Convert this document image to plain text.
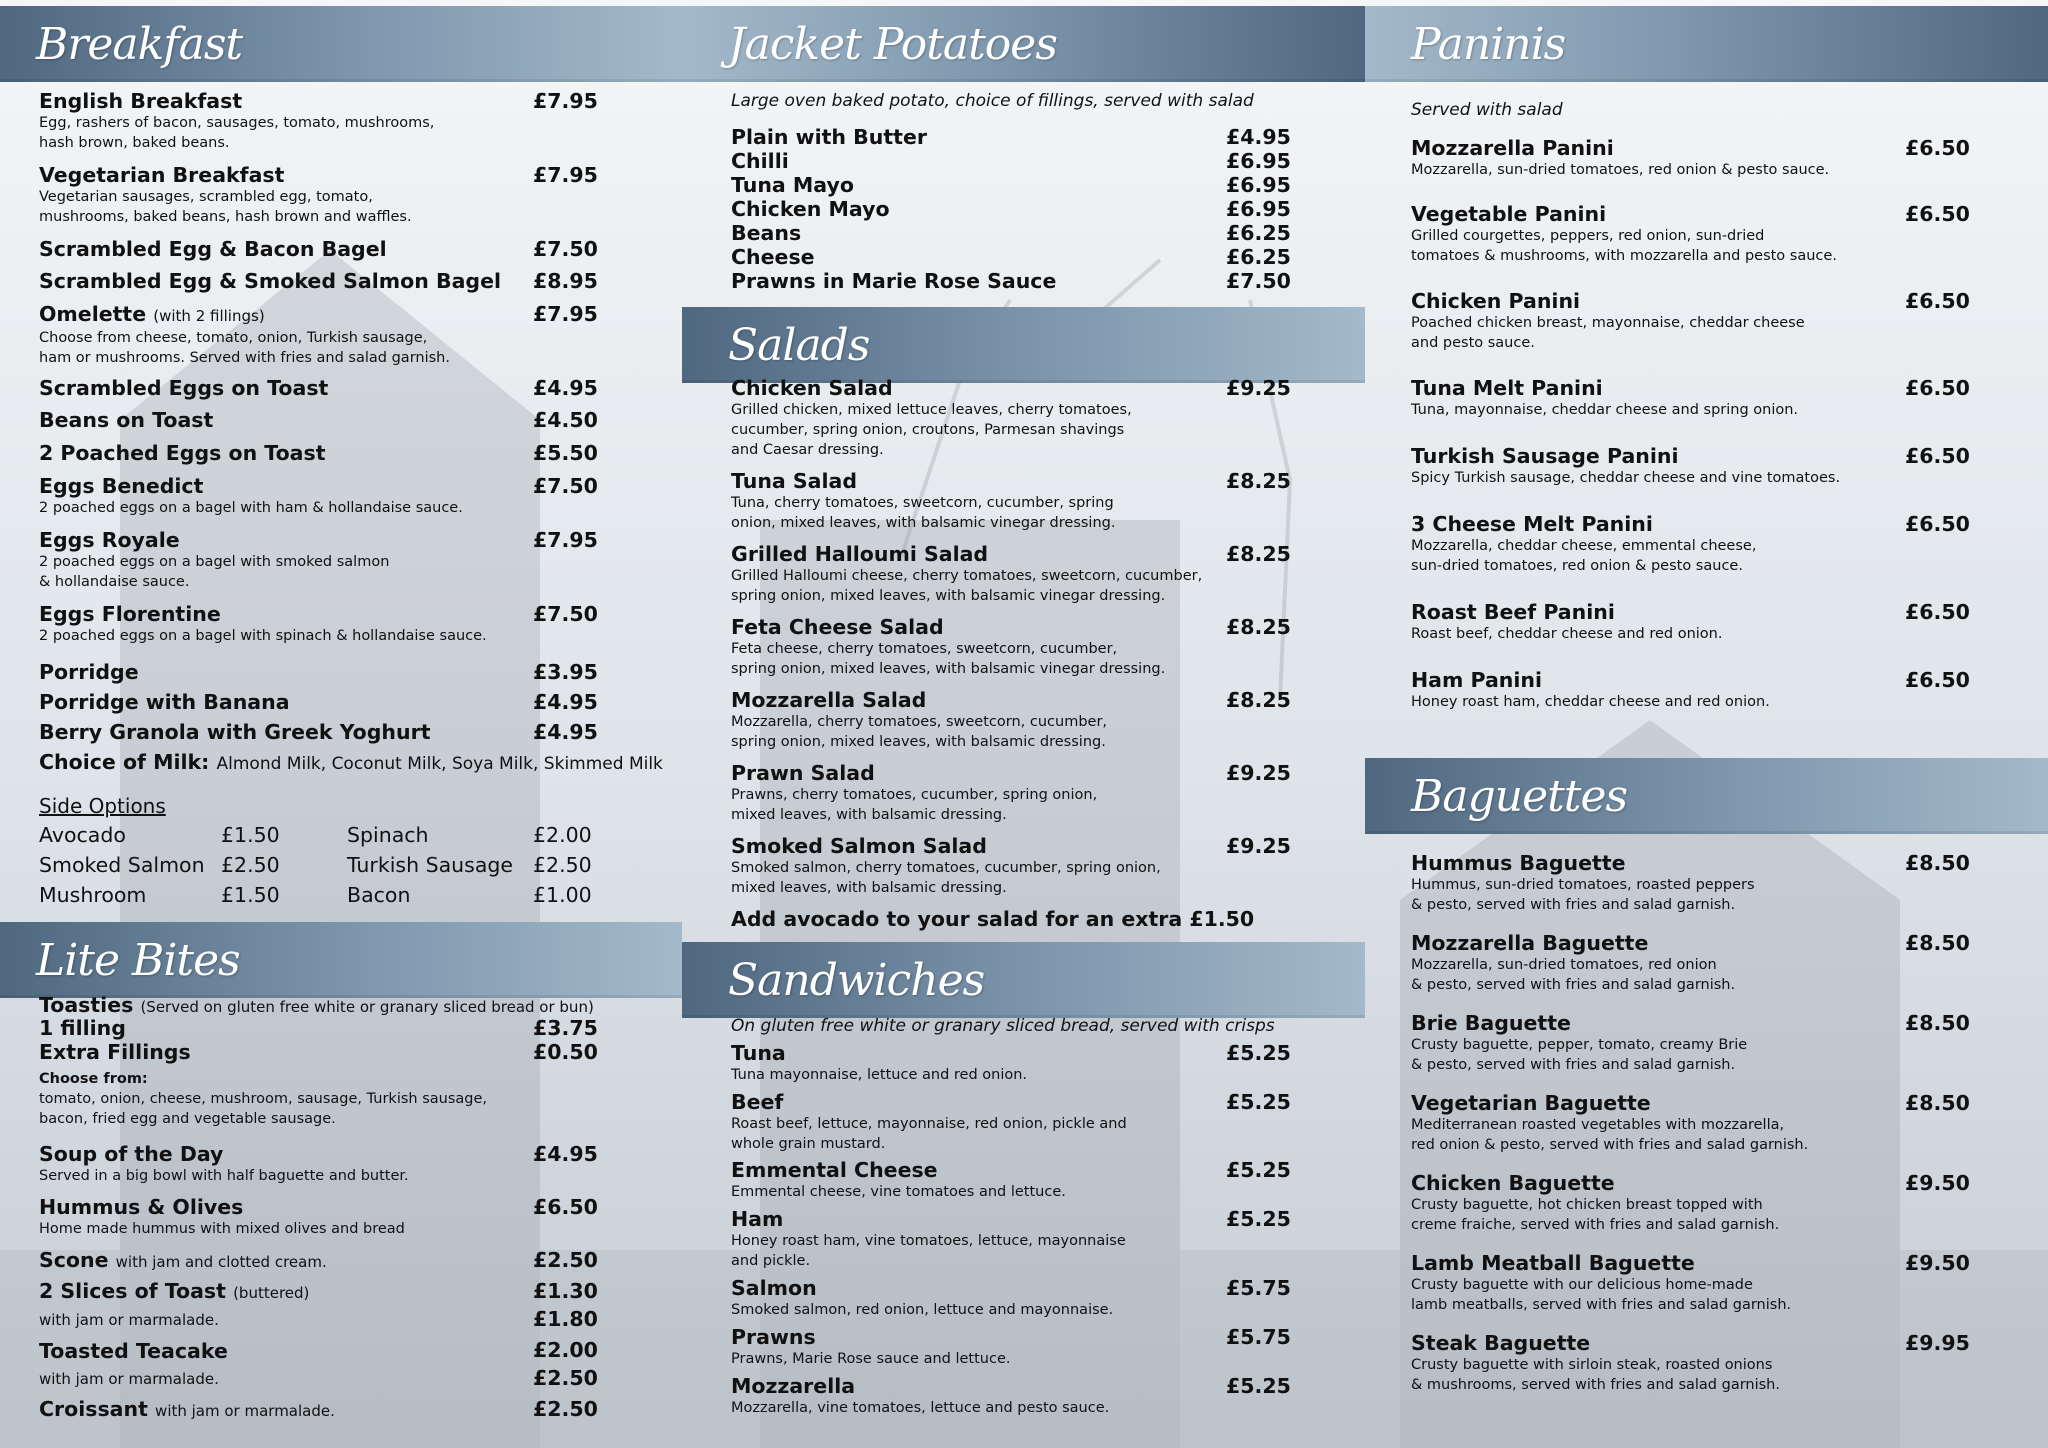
Breakfast
English Breakfast
Egg, rashers of bacon, sausages, tomato, mushrooms,
hash brown, baked beans.
£7.95
Vegetarian Breakfast
Vegetarian sausages, scrambled egg, tomato,
mushrooms, baked beans, hash brown and waffles.
£7.95
Scrambled Egg & Bacon Bagel	£7.50
Scrambled Egg & Smoked Salmon Bagel £8.95
Omelette (with 2 fillings)
Choose from cheese, tomato, onion, Turkish sausage,
ham or mushrooms. Served with fries and salad garnish.
£7.95
Scrambled Eggs on Toast	£4.95
Beans on Toast	£4.50
2 Poached Eggs on Toast	£5.50
Eggs Benedict
2 poached eggs on a bagel with ham & hollandaise sauce.
£7.50
Eggs Royale
2 poached eggs on a bagel with smoked salmon
& hollandaise sauce.
£7.95
Eggs Florentine
2 poached eggs on a bagel with spinach & hollandaise sauce.
£7.50
Porridge	£3.95
Porridge with Banana	£4.95
Berry Granola with Greek Yoghurt	£4.95
Choice of Milk: Almond Milk, Coconut Milk, Soya Milk, Skimmed Milk
Side Options
Avocado	£1.50	Spinach	£2.00
Smoked Salmon £2.50	Turkish Sausage £2.50
Mushroom	£1.50	Bacon	£1.00
Lite Bites
Toasties (Served on gluten free white or granary sliced bread or bun)
1 filling	£3.75
Extra Fillings	£0.50
Choose from:
tomato, onion, cheese, mushroom, sausage, Turkish sausage,
bacon, fried egg and vegetable sausage.
Soup of the Day	£4.95
Served in a big bowl with half baguette and butter.
Hummus & Olives	£6.50
Home made hummus with mixed olives and bread
Scone with jam and clotted cream.	£2.50
2 Slices of Toast (buttered)	£1.30
with jam or marmalade.	£1.80
Toasted Teacake	£2.00
with jam or marmalade.	£2.50
Croissant with jam or marmalade.	£2.50
Jacket Potatoes
Large oven baked potato, choice of fillings, served with salad
Plain with Butter	£4.95
Chilli	£6.95
Tuna Mayo	£6.95
Chicken Mayo	£6.95
Beans	£6.25
Cheese	£6.25
Prawns in Marie Rose Sauce	£7.50
Salads
Chicken Salad
Grilled chicken, mixed lettuce leaves, cherry tomatoes,
cucumber, spring onion, croutons, Parmesan shavings
and Caesar dressing.
£9.25
Tuna Salad
Tuna, cherry tomatoes, sweetcorn, cucumber, spring
onion, mixed leaves, with balsamic vinegar dressing.
£8.25
Grilled Halloumi Salad
Grilled Halloumi cheese, cherry tomatoes, sweetcorn, cucumber,
spring onion, mixed leaves, with balsamic vinegar dressing.
£8.25
Feta Cheese Salad
Feta cheese, cherry tomatoes, sweetcorn, cucumber,
spring onion, mixed leaves, with balsamic vinegar dressing.
£8.25
Mozzarella Salad
Mozzarella, cherry tomatoes, sweetcorn, cucumber,
spring onion, mixed leaves, with balsamic dressing.
£8.25
Prawn Salad
Prawns, cherry tomatoes, cucumber, spring onion,
mixed leaves, with balsamic dressing.
£9.25
Smoked Salmon Salad
Smoked salmon, cherry tomatoes, cucumber, spring onion,
mixed leaves, with balsamic dressing.
£9.25
Add avocado to your salad for an extra £1.50
Sandwiches
On gluten free white or granary sliced bread, served with crisps
Tuna
Tuna mayonnaise, lettuce and red onion.
£5.25
Beef
Roast beef, lettuce, mayonnaise, red onion, pickle and
whole grain mustard.
£5.25
Emmental Cheese
Emmental cheese, vine tomatoes and lettuce.
£5.25
Ham
Honey roast ham, vine tomatoes, lettuce, mayonnaise
and pickle.
£5.25
Salmon
Smoked salmon, red onion, lettuce and mayonnaise.
£5.75
Prawns
Prawns, Marie Rose sauce and lettuce.
£5.75
Mozzarella
Mozzarella, vine tomatoes, lettuce and pesto sauce.
£5.25
Paninis
Served with salad
Mozzarella Panini
Mozzarella, sun-dried tomatoes, red onion & pesto sauce.
£6.50
Vegetable Panini
Grilled courgettes, peppers, red onion, sun-dried
tomatoes & mushrooms, with mozzarella and pesto sauce.
£6.50
Chicken Panini
Poached chicken breast, mayonnaise, cheddar cheese
and pesto sauce.
£6.50
Tuna Melt Panini
Tuna, mayonnaise, cheddar cheese and spring onion.
£6.50
Turkish Sausage Panini
Spicy Turkish sausage, cheddar cheese and vine tomatoes.
£6.50
3 Cheese Melt Panini
Mozzarella, cheddar cheese, emmental cheese,
sun-dried tomatoes, red onion & pesto sauce.
£6.50
Roast Beef Panini
Roast beef, cheddar cheese and red onion.
£6.50
Ham Panini
Honey roast ham, cheddar cheese and red onion.
£6.50
Baguettes
Hummus Baguette
Hummus, sun-dried tomatoes, roasted peppers
& pesto, served with fries and salad garnish.
£8.50
Mozzarella Baguette
Mozzarella, sun-dried tomatoes, red onion
& pesto, served with fries and salad garnish.
£8.50
Brie Baguette
Crusty baguette, pepper, tomato, creamy Brie
& pesto, served with fries and salad garnish.
£8.50
Vegetarian Baguette
Mediterranean roasted vegetables with mozzarella,
red onion & pesto, served with fries and salad garnish.
£8.50
Chicken Baguette
Crusty baguette, hot chicken breast topped with
creme fraiche, served with fries and salad garnish.
£9.50
Lamb Meatball Baguette
Crusty baguette with our delicious home-made
lamb meatballs, served with fries and salad garnish.
£9.50
Steak Baguette
Crusty baguette with sirloin steak, roasted onions
& mushrooms, served with fries and salad garnish.
£9.95
